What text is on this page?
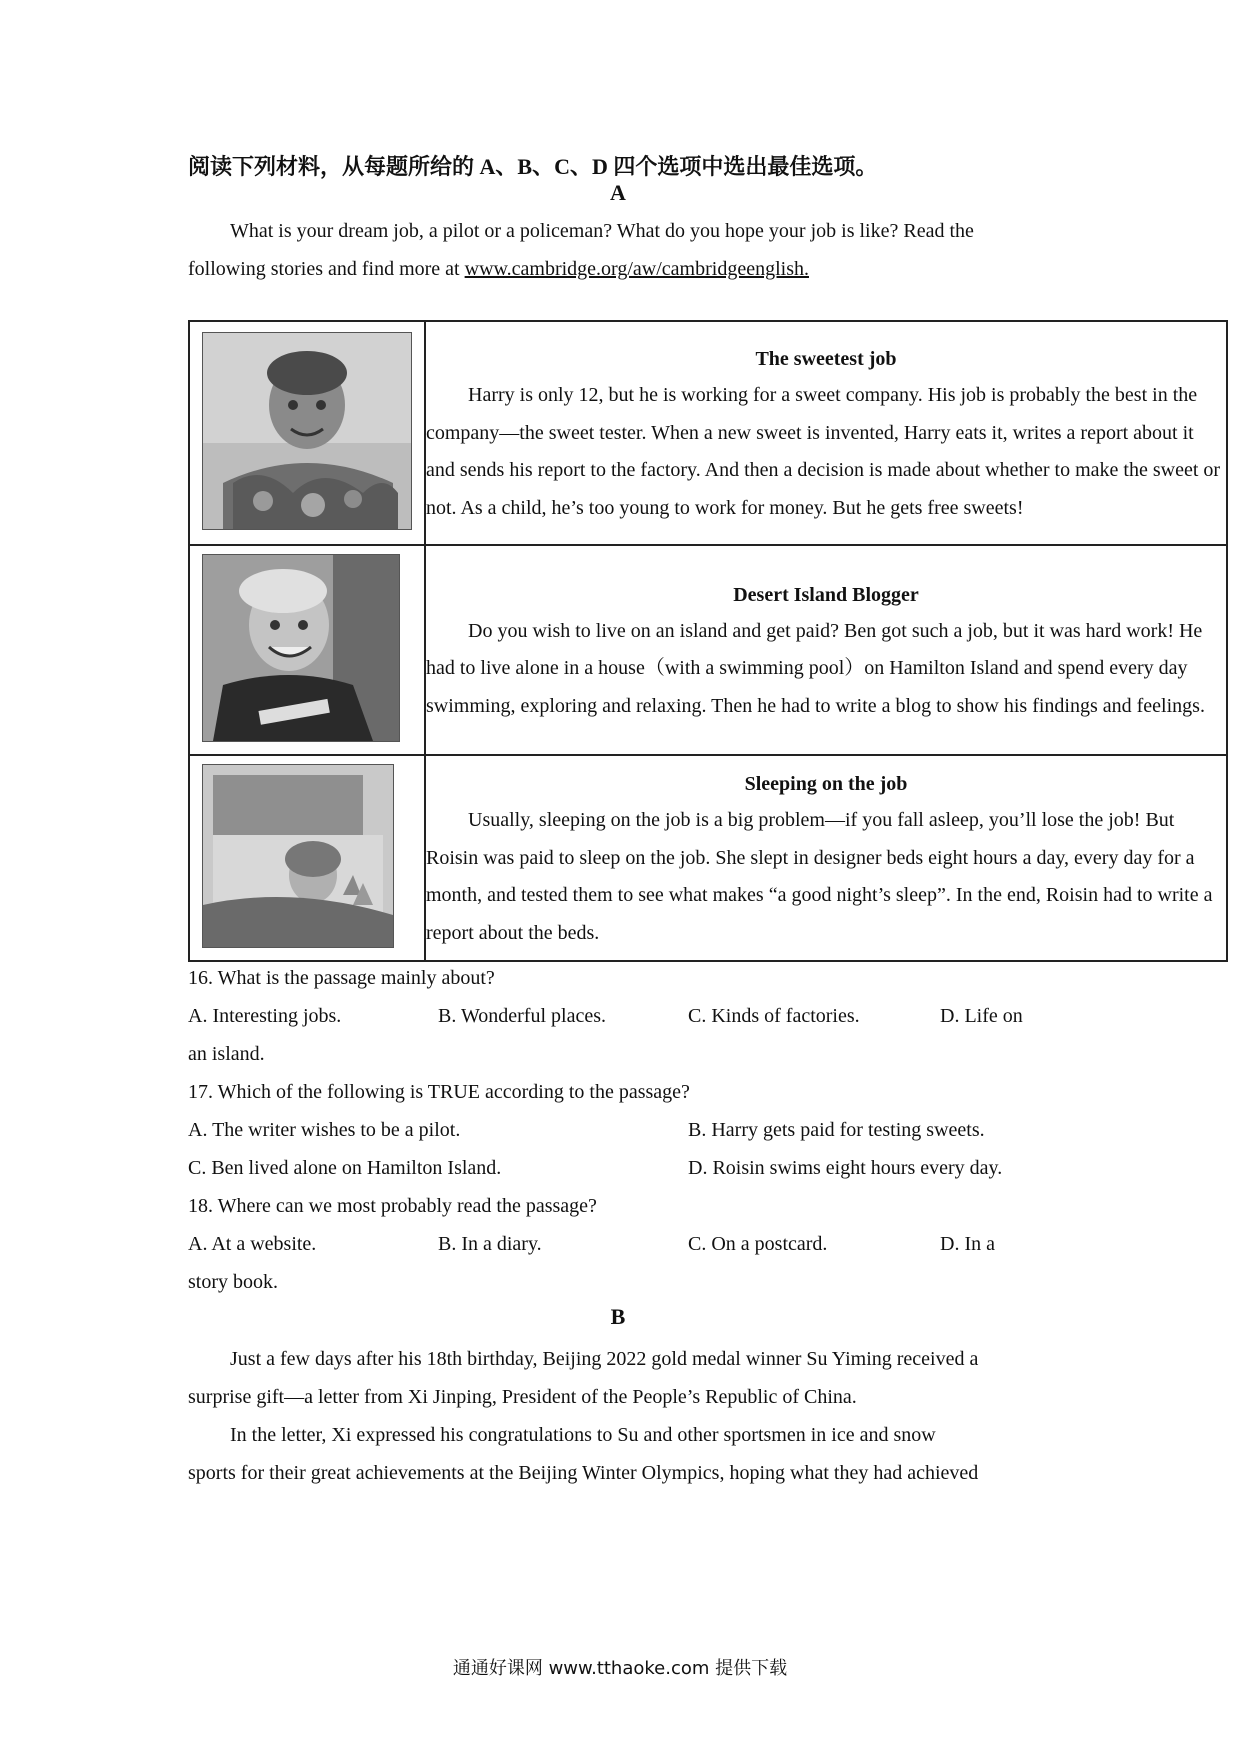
阅读下列材料，从每题所给的 A、B、C、D 四个选项中选出最佳选项。

A

What is your dream job, a pilot or a policeman? What do you hope your job is like? Read the

following stories and find more at www.cambridge.org/aw/cambridgeenglish.

The sweetest job

Harry is only 12, but he is working for a sweet company. His job is probably the best in the company—the sweet tester. When a new sweet is invented, Harry eats it, writes a report about it and sends his report to the factory. And then a decision is made about whether to make the sweet or not. As a child, he’s too young to work for money. But he gets free sweets!

Desert Island Blogger

Do you wish to live on an island and get paid? Ben got such a job, but it was hard work! He had to live alone in a house（with a swimming pool）on Hamilton Island and spend every day swimming, exploring and relaxing. Then he had to write a blog to show his findings and feelings.

Sleeping on the job

Usually, sleeping on the job is a big problem—if you fall asleep, you’ll lose the job! But Roisin was paid to sleep on the job. She slept in designer beds eight hours a day, every day for a month, and tested them to see what makes “a good night’s sleep”. In the end, Roisin had to write a report about the beds.

16. What is the passage mainly about?

A. Interesting jobs.	B. Wonderful places.	C. Kinds of factories.	D. Life on
an island.

17. Which of the following is TRUE according to the passage?

A. The writer wishes to be a pilot.	B. Harry gets paid for testing sweets.
C. Ben lived alone on Hamilton Island.	D. Roisin swims eight hours every day.

18. Where can we most probably read the passage?

A. At a website.	B. In a diary.	C. On a postcard.	D. In a
story book.
B

Just a few days after his 18th birthday, Beijing 2022 gold medal winner Su Yiming received a

surprise gift—a letter from Xi Jinping, President of the People’s Republic of China.

In the letter, Xi expressed his congratulations to Su and other sportsmen in ice and snow

sports for their great achievements at the Beijing Winter Olympics, hoping what they had achieved

通通好课网 www.tthaoke.com 提供下载
